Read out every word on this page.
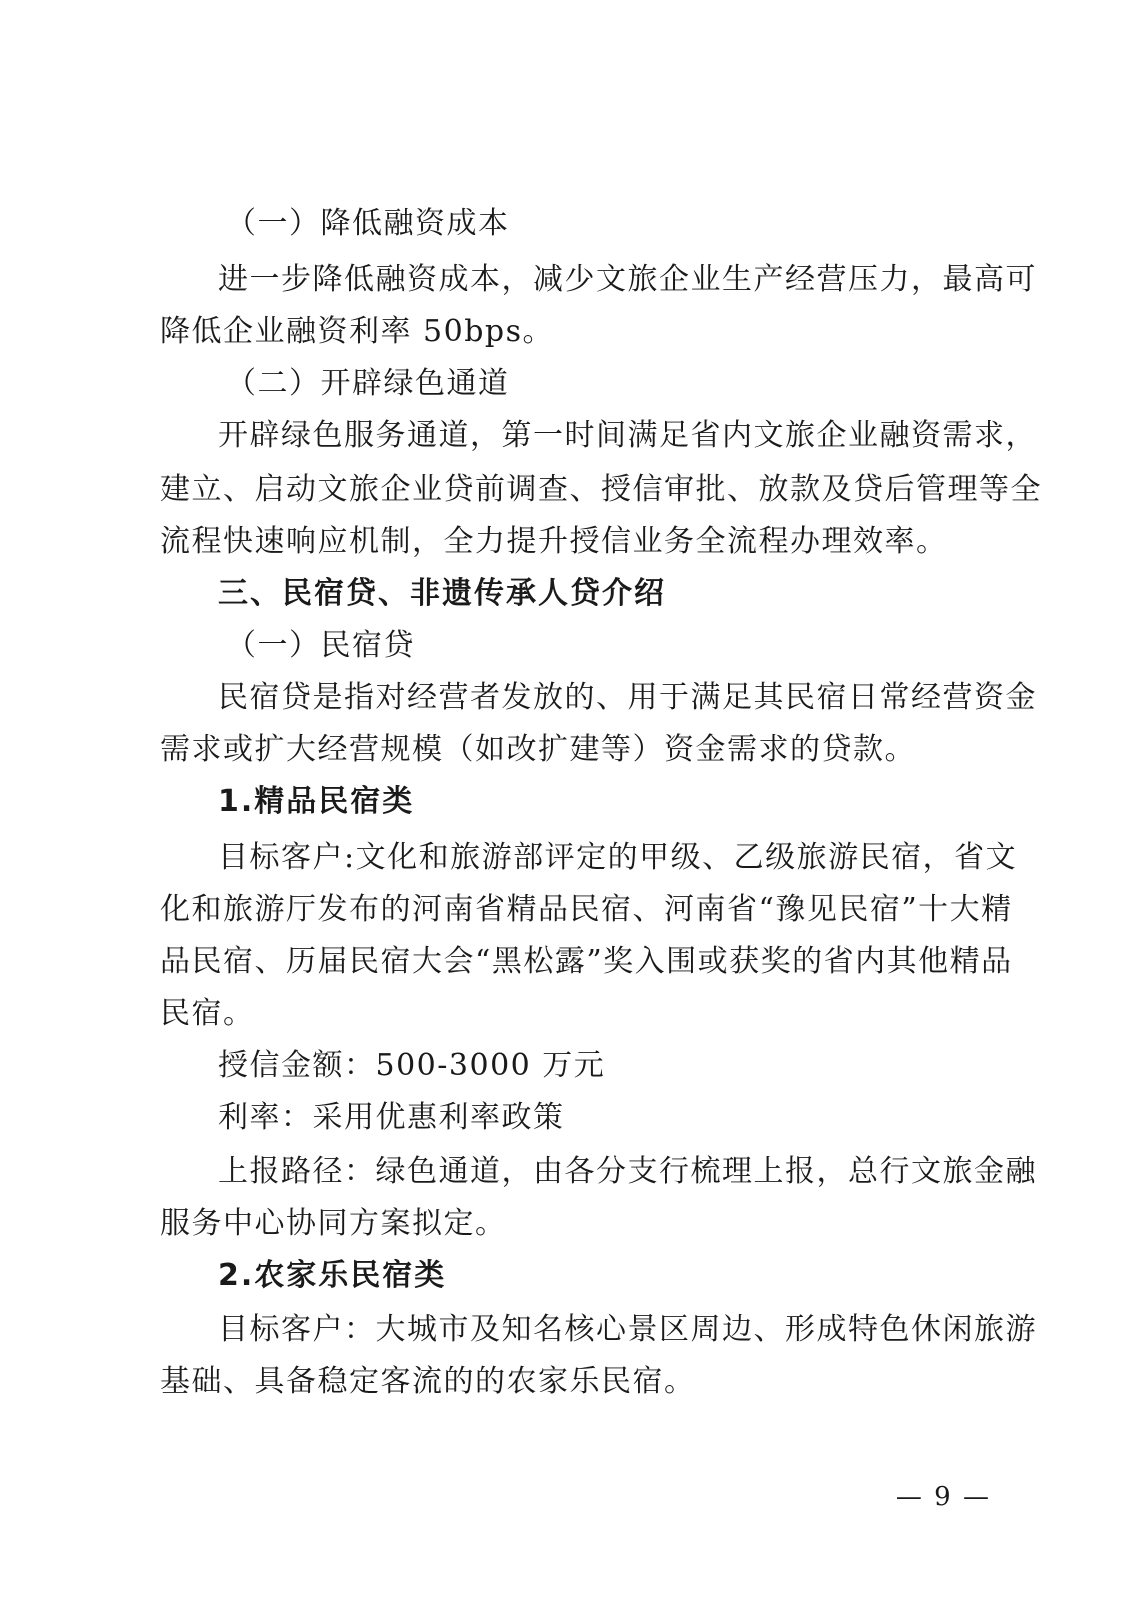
（一）降低融资成本
进一步降低融资成本，减少文旅企业生产经营压力，最高可
降低企业融资利率 50bps。
（二）开辟绿色通道
开辟绿色服务通道，第一时间满足省内文旅企业融资需求，
建立、启动文旅企业贷前调查、授信审批、放款及贷后管理等全
流程快速响应机制，全力提升授信业务全流程办理效率。
三、民宿贷、非遗传承人贷介绍
（一）民宿贷
民宿贷是指对经营者发放的、用于满足其民宿日常经营资金
需求或扩大经营规模（如改扩建等）资金需求的贷款。
1.精品民宿类
目标客户:文化和旅游部评定的甲级、乙级旅游民宿，省文
化和旅游厅发布的河南省精品民宿、河南省“豫见民宿”十大精
品民宿、历届民宿大会“黑松露”奖入围或获奖的省内其他精品
民宿。
授信金额：500-3000 万元
利率：采用优惠利率政策
上报路径：绿色通道，由各分支行梳理上报，总行文旅金融
服务中心协同方案拟定。
2.农家乐民宿类
目标客户：大城市及知名核心景区周边、形成特色休闲旅游
基础、具备稳定客流的的农家乐民宿。
— 9 —
